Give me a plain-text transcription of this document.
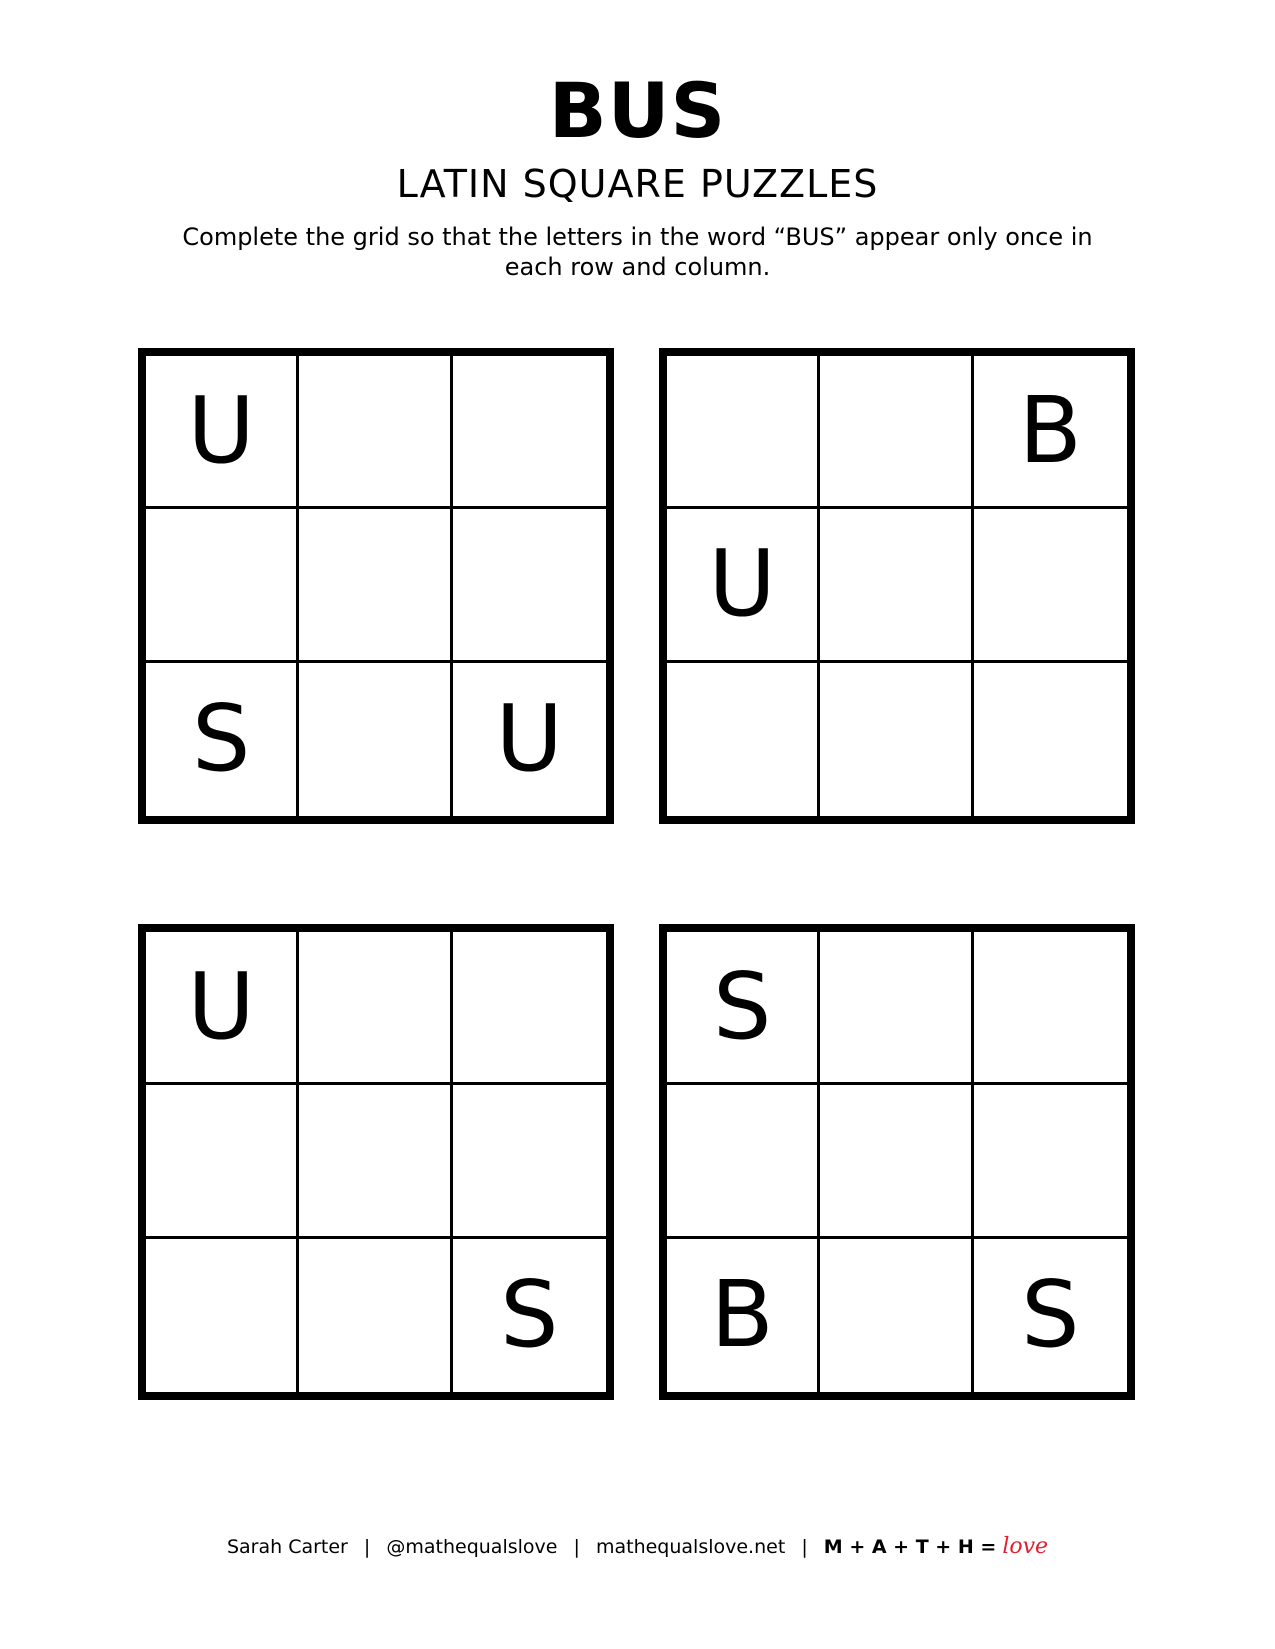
BUS
LATIN SQUARE PUZZLES
Complete the grid so that the letters in the word “BUS” appear only once in each row and column.
U
S	U
B
U
U
S
S
B	S
Sarah Carter | @mathequalslove | mathequalslove.net | M + A + T + H = love
